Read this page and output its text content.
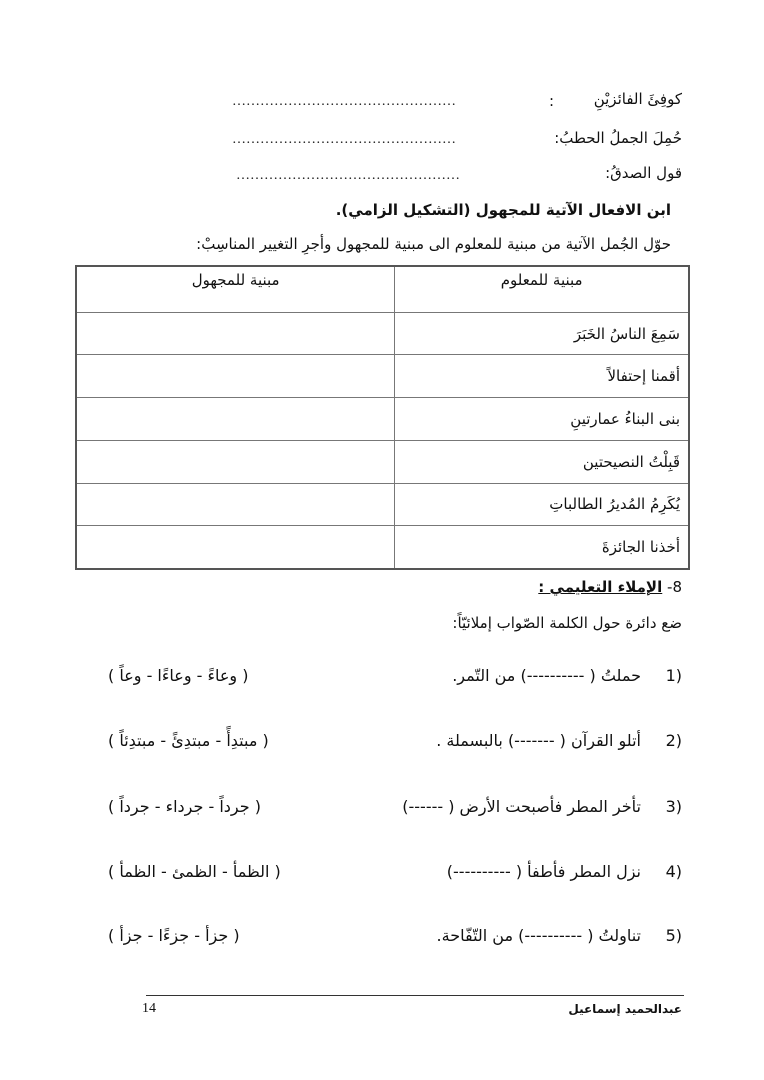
كوفِئَ الفائزيْنِ
:
…………………………………………
حُمِلَ الجملُ الحطبُ:
…………………………………………
قول الصدقُ:
…………………………………………
ابن الافعال الآتية للمجهول (التشكيل الزامي).
حوّل الجُمل الآتية من مبنية للمعلوم الى مبنية للمجهول وأجرِ التغيير المناسِبْ:
مبنية للمعلوم	مبنية للمجهول
سَمِعَ الناسُ الخَبَرَ	
أقمنا إحتفالاً	
بنى البناءُ عمارتينِ	
قَبِلْتُ النصيحتين	
يُكَرِمُ المُديرُ الطالباتِ	
أخذنا الجائزةَ	
8- الإملاء التعليمي :
ضع دائرة حول الكلمة الصّواب إملائيّاً:
1)
حملتُ ( ----------) من التّمر.
( وعاءً - وعاءًا - وعاً )
2)
أتلو القرآن ( -------) بالبسملة .
( مبتدِأً - مبتدِئً - مبتدِئاً )
3)
تأخر المطر فأصبحت الأرض ( ------)
( جرداً - جرداء - جرداً )
4)
نزل المطر فأطفأ ( ----------)
( الظمأ - الظمئ - الظمأ )
5)
تناولتُ ( ----------) من التّفّاحة.
( جزأ - جزءًا - جزأ )
عبدالحميد إسماعيل
14
